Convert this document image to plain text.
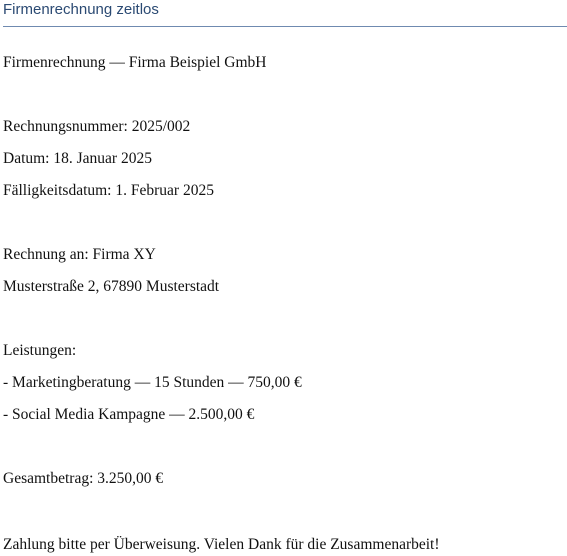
Firmenrechnung zeitlos
Firmenrechnung — Firma Beispiel GmbH
Rechnungsnummer: 2025/002
Datum: 18. Januar 2025
Fälligkeitsdatum: 1. Februar 2025
Rechnung an: Firma XY
Musterstraße 2, 67890 Musterstadt
Leistungen:
- Marketingberatung — 15 Stunden — 750,00 €
- Social Media Kampagne — 2.500,00 €
Gesamtbetrag: 3.250,00 €
Zahlung bitte per Überweisung. Vielen Dank für die Zusammenarbeit!
